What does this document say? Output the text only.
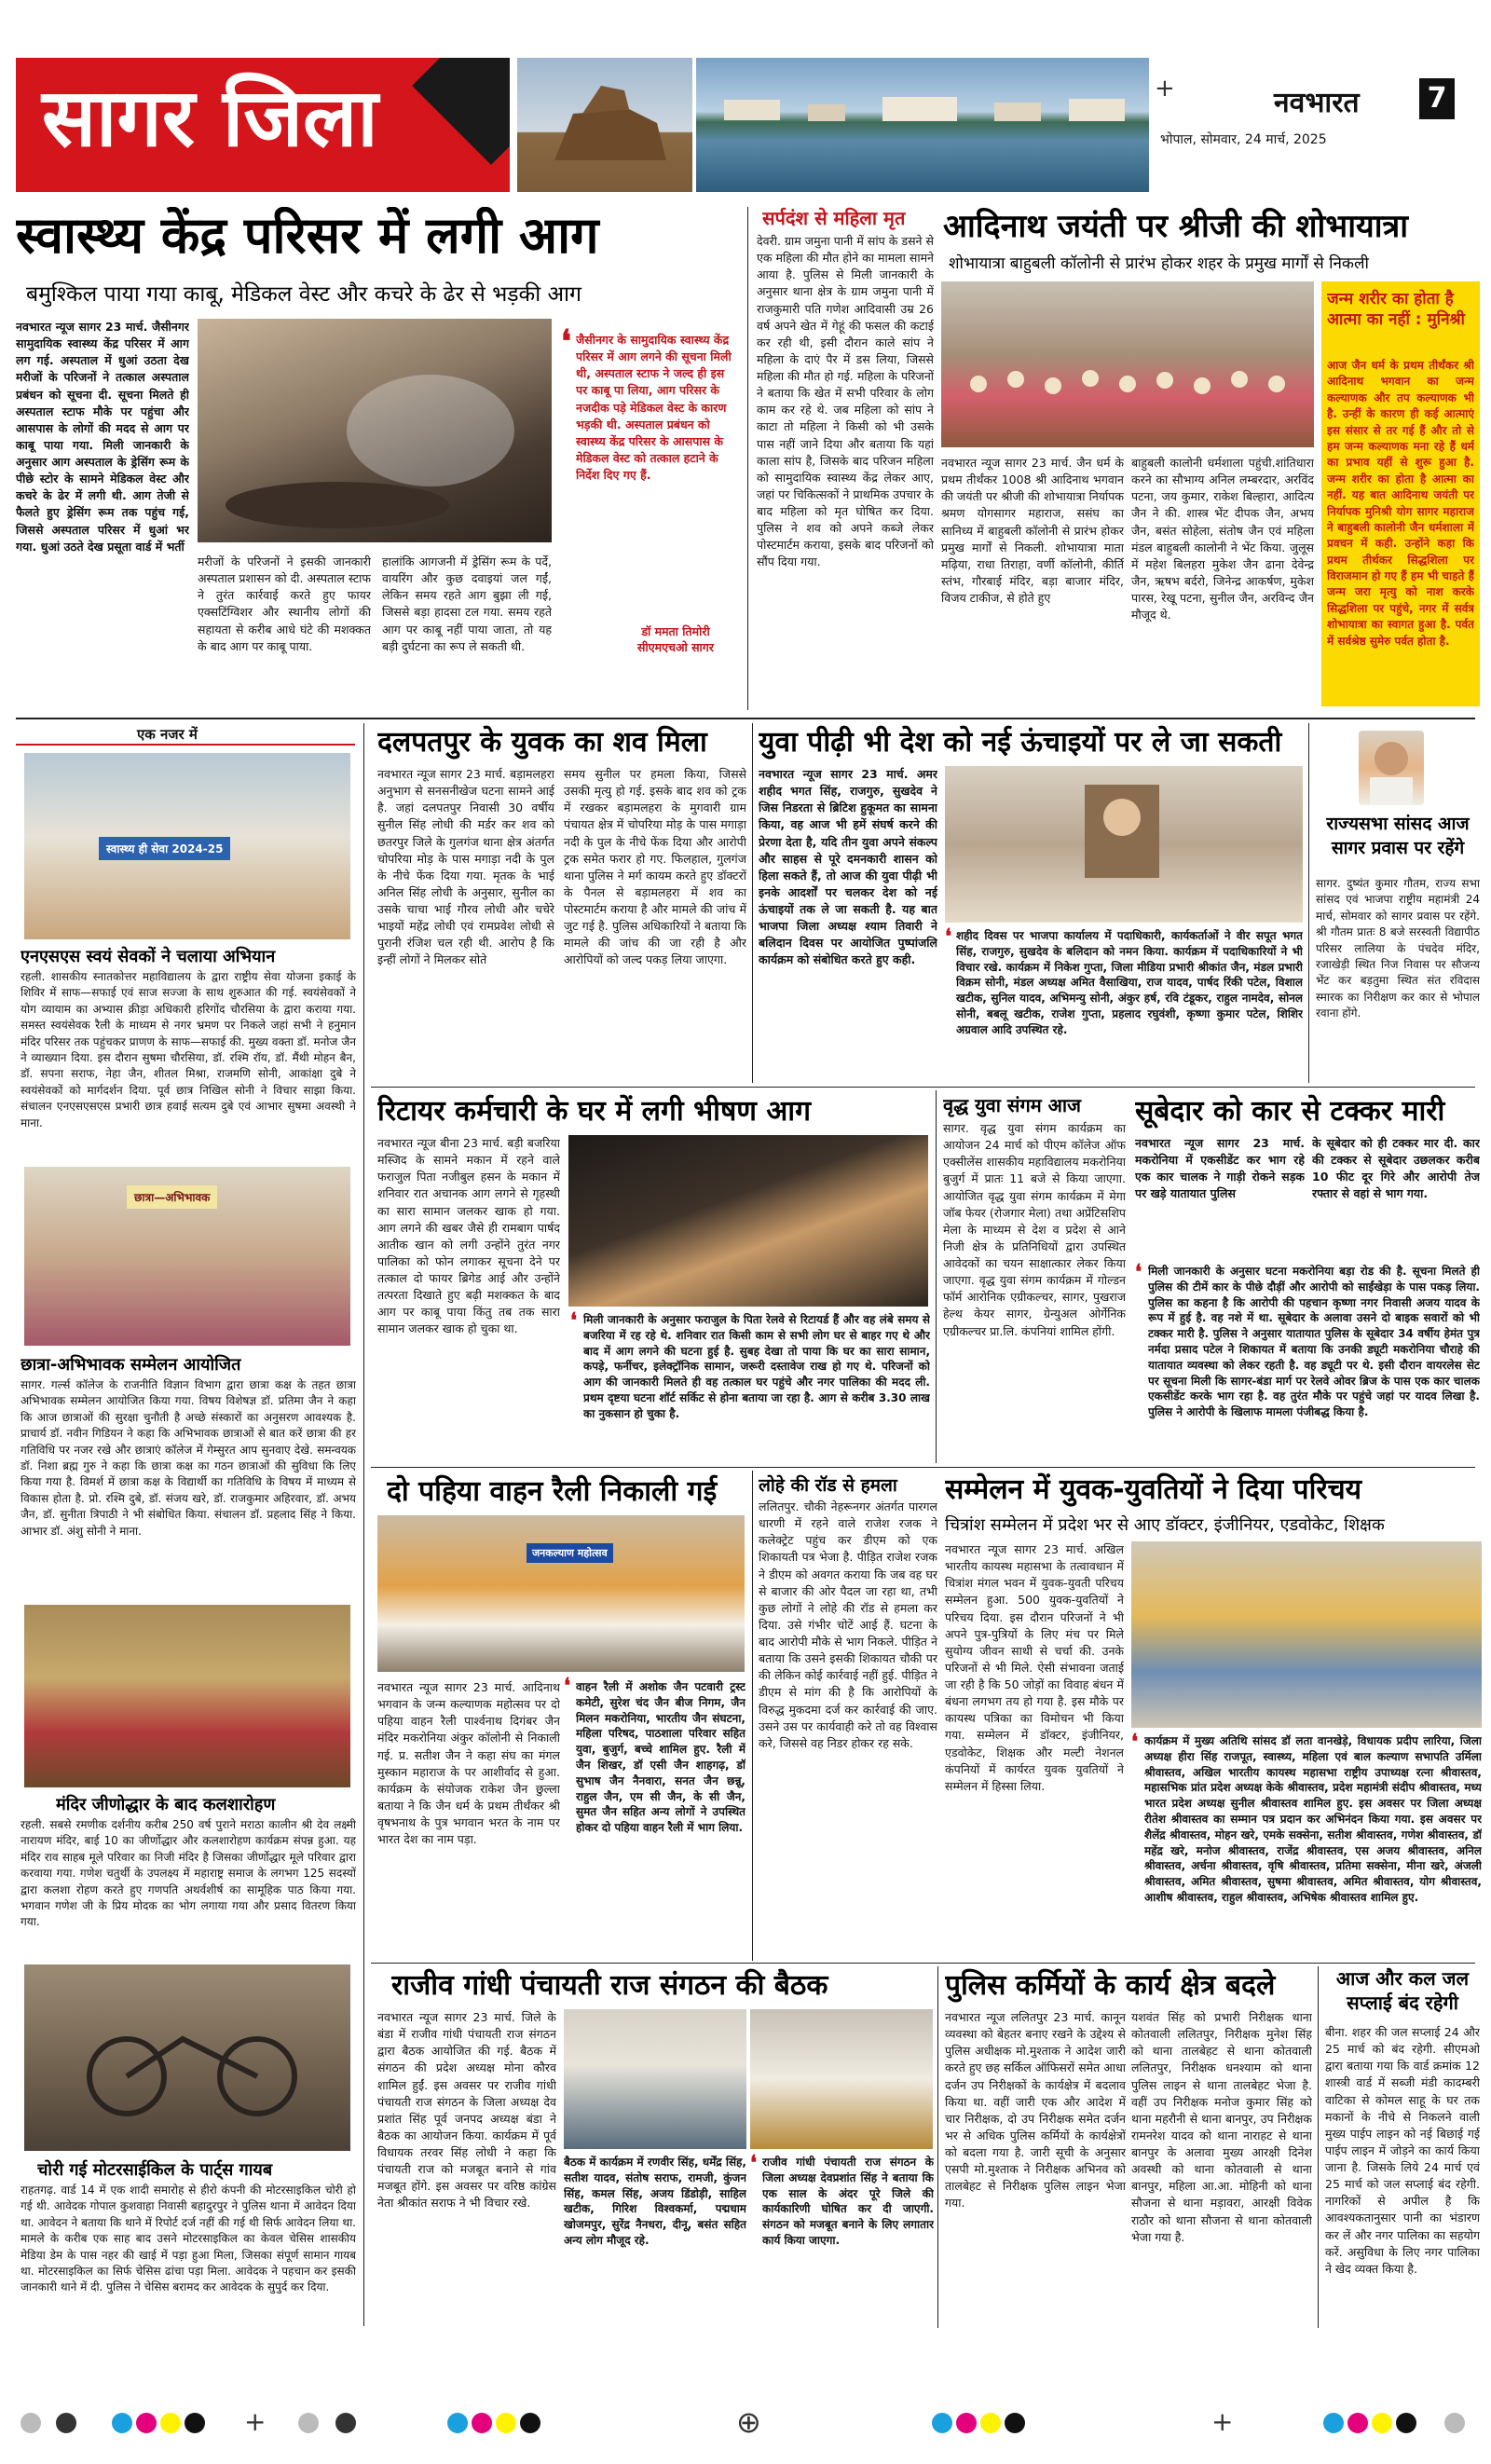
सागर जिला	+	नवभारत 7
भोपाल, सोमवार, 24 मार्च, 2025
स्वास्थ्य केंद्र परिसर में लगी आग
बमुश्किल पाया गया काबू, मेडिकल वेस्ट और कचरे के ढेर से भड़की आग
नवभारत न्यूज सागर 23 मार्च. जैसीनगर सामुदायिक स्वास्थ्य केंद्र परिसर में आग लग गई. अस्पताल में धुआं उठता देख मरीजों के परिजनों ने तत्काल अस्पताल प्रबंधन को सूचना दी. सूचना मिलते ही अस्पताल स्टाफ मौके पर पहुंचा और आसपास के लोगों की मदद से आग पर काबू पाया गया. मिली जानकारी के अनुसार आग अस्पताल के ड्रेसिंग रूम के पीछे स्टोर के सामने मेडिकल वेस्ट और कचरे के ढेर में लगी थी. आग तेजी से फैलते हुए ड्रेसिंग रूम तक पहुंच गई, जिससे अस्पताल परिसर में धुआं भर गया. धुआं उठते देख प्रसूता वार्ड में भर्ती
मरीजों के परिजनों ने इसकी जानकारी अस्पताल प्रशासन को दी. अस्पताल स्टाफ ने तुरंत कार्रवाई करते हुए फायर एक्सटिंग्विशर और स्थानीय लोगों की सहायता से करीब आधे घंटे की मशक्कत के बाद आग पर काबू पाया.
हालांकि आगजनी में ड्रेसिंग रूम के पर्दे, वायरिंग और कुछ दवाइयां जल गईं, लेकिन समय रहते आग बुझा ली गई, जिससे बड़ा हादसा टल गया. समय रहते आग पर काबू नहीं पाया जाता, तो यह बड़ी दुर्घटना का रूप ले सकती थी.
❛ जैसीनगर के सामुदायिक स्वास्थ्य केंद्र परिसर में आग लगने की सूचना मिली थी, अस्पताल स्टाफ ने जल्द ही इस पर काबू पा लिया, आग परिसर के नजदीक पड़े मेडिकल वेस्ट के कारण भड़की थी. अस्पताल प्रबंधन को स्वास्थ्य केंद्र परिसर के आसपास के मेडिकल वेस्ट को तत्काल हटाने के निर्देश दिए गए हैं.
डॉ ममता तिमोरी सीएमएचओ सागर
सर्पदंश से महिला मृत
देवरी. ग्राम जमुना पानी में सांप के डसने से एक महिला की मौत होने का मामला सामने आया है. पुलिस से मिली जानकारी के अनुसार थाना क्षेत्र के ग्राम जमुना पानी में राजकुमारी पति गणेश आदिवासी उम्र 26 वर्ष अपने खेत में गेहूं की फसल की कटाई कर रही थी, इसी दौरान काले सांप ने महिला के दाएं पैर में डस लिया, जिससे महिला की मौत हो गई. महिला के परिजनों ने बताया कि खेत में सभी परिवार के लोग काम कर रहे थे. जब महिला को सांप ने काटा तो महिला ने किसी को भी उसके पास नहीं जाने दिया और बताया कि यहां काला सांप है, जिसके बाद परिजन महिला को सामुदायिक स्वास्थ्य केंद्र लेकर आए, जहां पर चिकित्सकों ने प्राथमिक उपचार के बाद महिला को मृत घोषित कर दिया. पुलिस ने शव को अपने कब्जे लेकर पोस्टमार्टम कराया, इसके बाद परिजनों को सौंप दिया गया.
आदिनाथ जयंती पर श्रीजी की शोभायात्रा
शोभायात्रा बाहुबली कॉलोनी से प्रारंभ होकर शहर के प्रमुख मार्गों से निकली
नवभारत न्यूज सागर 23 मार्च. जैन धर्म के प्रथम तीर्थंकर 1008 श्री आदिनाथ भगवान की जयंती पर श्रीजी की शोभायात्रा निर्यापक श्रमण योगसागर महाराज, ससंघ का सानिध्य में बाहुबली कॉलोनी से प्रारंभ होकर प्रमुख मार्गों से निकली. शोभायात्रा माता मढ़िया, राधा तिराहा, वर्णी कॉलोनी, कीर्ति स्तंभ, गौरबाई मंदिर, बड़ा बाजार मंदिर, विजय टाकीज, से होते हुए
बाहुबली कालोनी धर्मशाला पहुंची.शांतिधारा करने का सौभाग्य अनिल लम्बरदार, अरविंद पटना, जय कुमार, राकेश बिल्हारा, आदित्य जैन ने की. शास्त्र भेंट दीपक जैन, अभय जैन, बसंत सोहेला, संतोष जैन एवं महिला मंडल बाहुबली कालोनी ने भेंट किया. जुलूस में महेश बिलहरा मुकेश जैन ढाना देवेन्द्र जैन, ऋषभ बर्दरो, जिनेन्द्र आकर्षण, मुकेश पारस, रेखू पटना, सुनील जैन, अरविन्द जैन मौजूद थे.
जन्म शरीर का होता है आत्मा का नहीं : मुनिश्री
आज जैन धर्म के प्रथम तीर्थंकर श्री आदिनाथ भगवान का जन्म कल्याणक और तप कल्याणक भी है. उन्हीं के कारण ही कई आत्माएं इस संसार से तर गई हैं और तो से हम जन्म कल्याणक मना रहे हैं धर्म का प्रभाव यहीं से शुरू हुआ है. जन्म शरीर का होता है आत्मा का नहीं. यह बात आदिनाथ जयंती पर निर्यापक मुनिश्री योग सागर महाराज ने बाहुबली कालोनी जैन धर्मशाला में प्रवचन में कही. उन्होंने कहा कि प्रथम तीर्थकर सिद्धशिला पर विराजमान हो गए हैं हम भी चाहते हैं जन्म जरा मृत्यु को नाश करके सिद्धशिला पर पहुंचे, नगर में सर्वत्र शोभायात्रा का स्वागत हुआ है. पर्वत में सर्वश्रेष्ठ सुमेरु पर्वत होता है.
एक नजर में
स्वास्थ्य ही सेवा 2024-25
एनएसएस स्वयं सेवकों ने चलाया अभियान
रहली. शासकीय स्नातकोत्तर महाविद्यालय के द्वारा राष्ट्रीय सेवा योजना इकाई के शिविर में साफ—सफाई एवं साज सज्जा के साथ शुरुआत की गई. स्वयंसेवकों ने योग व्यायाम का अभ्यास क्रीड़ा अधिकारी हरिगोंद चौरसिया के द्वारा कराया गया. समस्त स्वयंसेवक रैली के माध्यम से नगर भ्रमण पर निकले जहां सभी ने हनुमान मंदिर परिसर तक पहुंचकर प्राणण के साफ—सफाई की. मुख्य वक्ता डॉ. मनोज जैन ने व्याख्यान दिया. इस दौरान सुषमा चौरसिया, डॉ. रश्मि रॉय, डॉ. मैंथी मोहन बैन, डॉ. सपना सराफ, नेहा जैन, शीतल मिश्रा, राजमणि सोनी, आकांक्षा दुबे ने स्वयंसेवकों को मार्गदर्शन दिया. पूर्व छात्र निखिल सोनी ने विचार साझा किया. संचालन एनएसएसएस प्रभारी छात्र हवाई सत्यम दुबे एवं आभार सुषमा अवस्थी ने माना.
छात्रा—अभिभावक
छात्रा-अभिभावक सम्मेलन आयोजित
सागर. गर्ल्स कॉलेज के राजनीति विज्ञान विभाग द्वारा छात्रा कक्ष के तहत छात्रा अभिभावक सम्मेलन आयोजित किया गया. विषय विशेषज्ञ डॉ. प्रतिमा जैन ने कहा कि आज छात्राओं की सुरक्षा चुनौती है अच्छे संस्कारों का अनुसरण आवश्यक है. प्राचार्य डॉ. नवीन गिडियन ने कहा कि अभिभावक छात्राओं से बात करें छात्रा की हर गतिविधि पर नजर रखे और छात्राएं कॉलेज में गेम्सुरत आप सुनवाए देखे. समन्वयक डॉ. निशा ब्रह्म गुरु ने कहा कि छात्रा कक्ष का गठन छात्राओं की सुविधा कि लिए किया गया है. विमर्श में छात्रा कक्ष के विद्यार्थी का गतिविधि के विषय में माध्यम से विकास होता है. प्रो. रश्मि दुबे, डॉ. संजय खरे, डॉ. राजकुमार अहिरवार, डॉ. अभय जैन, डॉ. सुनीता त्रिपाठी ने भी संबोधित किया. संचालन डॉ. प्रहलाद सिंह ने किया. आभार डॉ. अंशु सोनी ने माना.
मंदिर जीणोद्धार के बाद कलशारोहण
रहली. सबसे रमणीक दर्शनीय करीब 250 वर्ष पुराने मराठा कालीन श्री देव लक्ष्मी नारायण मंदिर, बाई 10 का जीर्णोद्धार और कलशारोहण कार्यक्रम संपन्न हुआ. यह मंदिर राव साहब मूले परिवार का निजी मंदिर है जिसका जीर्णोद्धार मूले परिवार द्वारा करवाया गया. गणेश चतुर्थी के उपलक्ष्य में महाराष्ट्र समाज के लगभग 125 सदस्यों द्वारा कलशा रोहण करते हुए गणपति अथर्वशीर्ष का सामूहिक पाठ किया गया. भगवान गणेश जी के प्रिय मोदक का भोग लगाया गया और प्रसाद वितरण किया गया.
चोरी गई मोटरसाईकिल के पार्ट्स गायब
राहतगढ़. वार्ड 14 में एक शादी समारोह से हीरो कंपनी की मोटरसाइकिल चोरी हो गई थी. आवेदक गोपाल कुशवाहा निवासी बहादुरपुर ने पुलिस थाना में आवेदन दिया था. आवेदन ने बताया कि थाने में रिपोर्ट दर्ज नहीं की गई थी सिर्फ आवेदन लिया था. मामले के करीब एक साह बाद उसने मोटरसाइकिल का केवल चेसिस शासकीय मेडिया डेम के पास नहर की खाई में पड़ा हुआ मिला, जिसका संपूर्ण सामान गायब था. मोटरसाइकिल का सिर्फ चेसिस ढांचा पड़ा मिला. आवेदक ने पहचान कर इसकी जानकारी थाने में दी. पुलिस ने चेसिस बरामद कर आवेदक के सुपुर्द कर दिया.
दलपतपुर के युवक का शव मिला
नवभारत न्यूज सागर 23 मार्च. बड़ामलहरा अनुभाग से सनसनीखेज घटना सामने आई है. जहां दलपतपुर निवासी 30 वर्षीय सुनील सिंह लोधी की मर्डर कर शव को छतरपुर जिले के गुलगंज थाना क्षेत्र अंतर्गत चोपरिया मोड़ के पास मगाड़ा नदी के पुल के नीचे फेंक दिया गया. मृतक के भाई अनिल सिंह लोधी के अनुसार, सुनील का उसके चाचा भाई गौरव लोधी और चचेरे भाइयों महेंद्र लोधी एवं रामप्रवेश लोधी से पुरानी रंजिश चल रही थी. आरोप है कि इन्हीं लोगों ने मिलकर सोते
समय सुनील पर हमला किया, जिससे उसकी मृत्यु हो गई. इसके बाद शव को ट्रक में रखकर बड़ामलहरा के मुगवारी ग्राम पंचायत क्षेत्र में चोपरिया मोड़ के पास मगाड़ा नदी के पुल के नीचे फेंक दिया और आरोपी ट्रक समेत फरार हो गए. फिलहाल, गुलगंज थाना पुलिस ने मर्ग कायम करते हुए डॉक्टरों के पैनल से बड़ामलहरा में शव का पोस्टमार्टम कराया है और मामले की जांच में जुट गई है. पुलिस अधिकारियों ने बताया कि मामले की जांच की जा रही है और आरोपियों को जल्द पकड़ लिया जाएगा.
युवा पीढ़ी भी देश को नई ऊंचाइयों पर ले जा सकती
नवभारत न्यूज सागर 23 मार्च. अमर शहीद भगत सिंह, राजगुरु, सुखदेव ने जिस निडरता से ब्रिटिश हुकूमत का सामना किया, वह आज भी हमें संघर्ष करने की प्रेरणा देता है, यदि तीन युवा अपने संकल्प और साहस से पूरे दमनकारी शासन को हिला सकते हैं, तो आज की युवा पीढ़ी भी इनके आदर्शों पर चलकर देश को नई ऊंचाइयों तक ले जा सकती है. यह बात भाजपा जिला अध्यक्ष श्याम तिवारी ने बलिदान दिवस पर आयोजित पुष्पांजलि कार्यक्रम को संबोधित करते हुए कही.
❛ शहीद दिवस पर भाजपा कार्यालय में पदाधिकारी, कार्यकर्ताओं ने वीर सपूत भगत सिंह, राजगुरु, सुखदेव के बलिदान को नमन किया. कार्यक्रम में पदाधिकारियों ने भी विचार रखे. कार्यक्रम में निकेश गुप्ता, जिला मीडिया प्रभारी श्रीकांत जैन, मंडल प्रभारी विक्रम सोनी, मंडल अध्यक्ष अमित वैसाखिया, राज यादव, पार्षद रिंकी पटेल, विशाल खटीक, सुनिल यादव, अभिमन्यु सोनी, अंकुर हर्ष, रवि टंडूकर, राहुल नामदेव, सोनल सोनी, बबलू खटीक, राजेश गुप्ता, प्रहलाद रघुवंशी, कृष्णा कुमार पटेल, शिशिर अग्रवाल आदि उपस्थित रहे.
राज्यसभा सांसद आज सागर प्रवास पर रहेंगे
सागर. दुष्यंत कुमार गौतम, राज्य सभा सांसद एवं भाजपा राष्ट्रीय महामंत्री 24 मार्च, सोमवार को सागर प्रवास पर रहेंगे. श्री गौतम प्रातः 8 बजे सरस्वती विद्यापीठ परिसर लालिया के पंचदेव मंदिर, रजाखेड़ी स्थित निज निवास पर सौजन्य भेंट कर बड़तुमा स्थित संत रविदास स्मारक का निरीक्षण कर कार से भोपाल रवाना होंगे.
रिटायर कर्मचारी के घर में लगी भीषण आग
नवभारत न्यूज बीना 23 मार्च. बड़ी बजरिया मस्जिद के सामने मकान में रहने वाले फराजुल पिता नजीबुल हसन के मकान में शनिवार रात अचानक आग लगने से गृहस्थी का सारा सामान जलकर खाक हो गया. आग लगने की खबर जैसे ही रामबाग पार्षद आतीक खान को लगी उन्होंने तुरंत नगर पालिका को फोन लगाकर सूचना देने पर तत्काल दो फायर ब्रिगेड आई और उन्होंने तत्परता दिखाते हुए बढ़ी मशक्कत के बाद आग पर काबू पाया किंतु तब तक सारा सामान जलकर खाक हो चुका था.	❛ मिली जानकारी के अनुसार फराजुल के पिता रेलवे से रिटायर्ड हैं और वह लंबे समय से बजरिया में रह रहे थे. शनिवार रात किसी काम से सभी लोग घर से बाहर गए थे और बाद में आग लगने की घटना हुई है. सुबह देखा तो पाया कि घर का सारा सामान, कपड़े, फर्नीचर, इलेक्ट्रॉनिक सामान, जरूरी दस्तावेज राख हो गए थे. परिजनों को आग की जानकारी मिलते ही वह तत्काल घर पहुंचे और नगर पालिका की मदद ली. प्रथम दृष्टया घटना शॉर्ट सर्किट से होना बताया जा रहा है. आग से करीब 3.30 लाख का नुकसान हो चुका है.
वृद्ध युवा संगम आज
सागर. वृद्ध युवा संगम कार्यक्रम का आयोजन 24 मार्च को पीएम कॉलेज ऑफ एक्सीलेंस शासकीय महाविद्यालय मकरोनिया बुजुर्ग में प्रातः 11 बजे से किया जाएगा. आयोजित वृद्ध युवा संगम कार्यक्रम में मेगा जॉब फेयर (रोजगार मेला) तथा अप्रेंटिसशिप मेला के माध्यम से देश व प्रदेश से आने निजी क्षेत्र के प्रतिनिधियों द्वारा उपस्थित आवेदकों का चयन साक्षात्कार लेकर किया जाएगा. वृद्ध युवा संगम कार्यक्रम में गोल्डन फॉर्म आरोनिक एग्रीकल्चर, सागर, पुखराज हेल्थ केयर सागर, ग्रेन्युअल ओर्गेनिक एग्रीकल्चर प्रा.लि. कंपनियां शामिल होंगी.
सूबेदार को कार से टक्कर मारी
नवभारत न्यूज सागर 23 मार्च. मकरोनिया में एकसीडेंट कर भाग रहे एक कार चालक ने गाड़ी रोकने सड़क पर खड़े यातायात पुलिस
के सूबेदार को ही टक्कर मार दी. कार की टक्कर से सूबेदार उछलकर करीब 10 फीट दूर गिरे और आरोपी तेज रफ्तार से वहां से भाग गया.
❛ मिली जानकारी के अनुसार घटना मकरोनिया बड़ा रोड की है. सूचना मिलते ही पुलिस की टीमें कार के पीछे दौड़ीं और आरोपी को साईंखेड़ा के पास पकड़ लिया. पुलिस का कहना है कि आरोपी की पहचान कृष्णा नगर निवासी अजय यादव के रूप में हुई है. वह नशे में था. सूबेदार के अलावा उसने दो बाइक सवारों को भी टक्कर मारी है. पुलिस ने अनुसार यातायात पुलिस के सूबेदार 34 वर्षीय हेमंत पुत्र नर्मदा प्रसाद पटेल ने शिकायत में बताया कि उनकी ड्यूटी मकरोनिया चौराहे की यातायात व्यवस्था को लेकर रहती है. वह ड्यूटी पर थे. इसी दौरान वायरलेस सेट पर सूचना मिली कि सागर-बंडा मार्ग पर रेलवे ओवर ब्रिज के पास एक कार चालक एकसीडेंट करके भाग रहा है. वह तुरंत मौके पर पहुंचे जहां पर यादव लिखा है. पुलिस ने आरोपी के खिलाफ मामला पंजीबद्ध किया है.
दो पहिया वाहन रैली निकाली गई
जनकल्याण महोत्सव
नवभारत न्यूज सागर 23 मार्च. आदिनाथ भगवान के जन्म कल्याणक महोत्सव पर दो पहिया वाहन रैली पार्श्वनाथ दिगंबर जैन मंदिर मकरोनिया अंकुर कॉलोनी से निकाली गई. प्र. सतीश जैन ने कहा संघ का मंगल मुस्कान महाराज के पर आशीर्वाद से हुआ. कार्यक्रम के संयोजक राकेश जैन छुल्ला बताया ने कि जैन धर्म के प्रथम तीर्थंकर श्री वृषभनाथ के पुत्र भगवान भरत के नाम पर भारत देश का नाम पड़ा.
❛ वाहन रैली में अशोक जैन पटवारी ट्रस्ट कमेटी, सुरेश चंद जैन बीज निगम, जैन मिलन मकरोनिया, भारतीय जैन संघटना, महिला परिषद, पाठशाला परिवार सहित युवा, बुजुर्ग, बच्चे शामिल हुए. रैली में जैन शिखर, डॉ एसी जैन शाहगढ़, डॉ सुभाष जैन नैनवारा, सनत जैन छन्नू, राहुल जैन, एम सी जैन, के सी जैन, सुमत जैन सहित अन्य लोगों ने उपस्थित होकर दो पहिया वाहन रैली में भाग लिया.
लोहे की रॉड से हमला
ललितपुर. चौकी नेहरूनगर अंतर्गत पारगल धारणी में रहने वाले राजेश रजक ने कलेक्ट्रेट पहुंच कर डीएम को एक शिकायती पत्र भेजा है. पीड़ित राजेश रजक ने डीएम को अवगत कराया कि जब वह घर से बाजार की ओर पैदल जा रहा था, तभी कुछ लोगों ने लोहे की रॉड से हमला कर दिया. उसे गंभीर चोटें आई हैं. घटना के बाद आरोपी मौके से भाग निकले. पीड़ित ने बताया कि उसने इसकी शिकायत चौकी पर की लेकिन कोई कार्रवाई नहीं हुई. पीड़ित ने डीएम से मांग की है कि आरोपियों के विरुद्ध मुकदमा दर्ज कर कार्रवाई की जाए. उसने उस पर कार्यवाही करे तो वह विश्वास करे, जिससे वह निडर होकर रह सके.
सम्मेलन में युवक-युवतियों ने दिया परिचय
चित्रांश सम्मेलन में प्रदेश भर से आए डॉक्टर, इंजीनियर, एडवोकेट, शिक्षक
नवभारत न्यूज सागर 23 मार्च. अखिल भारतीय कायस्थ महासभा के तत्वावधान में चित्रांश मंगल भवन में युवक-युवती परिचय सम्मेलन हुआ. 500 युवक-युवतियों ने परिचय दिया. इस दौरान परिजनों ने भी अपने पुत्र-पुत्रियों के लिए मंच पर मिले सुयोग्य जीवन साथी से चर्चा की. उनके परिजनों से भी मिले. ऐसी संभावना जताई जा रही है कि 50 जोड़ों का विवाह बंधन में बंधना लगभग तय हो गया है. इस मौके पर कायस्थ पत्रिका का विमोचन भी किया गया. सम्मेलन में डॉक्टर, इंजीनियर, एडवोकेट, शिक्षक और मल्टी नेशनल कंपनियों में कार्यरत युवक युवतियों ने सम्मेलन में हिस्सा लिया.
❛ कार्यक्रम में मुख्य अतिथि सांसद डॉ लता वानखेड़े, विधायक प्रदीप लारिया, जिला अध्यक्ष हीरा सिंह राजपूत, स्वास्थ्य, महिला एवं बाल कल्याण सभापति उर्मिला श्रीवास्तव, अखिल भारतीय कायस्थ महासभा राष्ट्रीय उपाध्यक्ष रत्ना श्रीवास्तव, महासभिक प्रांत प्रदेश अध्यक्ष केके श्रीवास्तव, प्रदेश महामंत्री संदीप श्रीवास्तव, मध्य भारत प्रदेश अध्यक्ष सुनील श्रीवास्तव शामिल हुए. इस अवसर पर जिला अध्यक्ष रीतेश श्रीवास्तव का सम्मान पत्र प्रदान कर अभिनंदन किया गया. इस अवसर पर शैलेंद्र श्रीवास्तव, मोहन खरे, एमके सक्सेना, सतीश श्रीवास्तव, गणेश श्रीवास्तव, डॉ महेंद्र खरे, मनोज श्रीवास्तव, राजेंद्र श्रीवास्तव, एस अजय श्रीवास्तव, अनिल श्रीवास्तव, अर्चना श्रीवास्तव, वृषि श्रीवास्तव, प्रतिमा सक्सेना, मीना खरे, अंजली श्रीवास्तव, अमित श्रीवास्तव, सुषमा श्रीवास्तव, अमित श्रीवास्तव, योग श्रीवास्तव, आशीष श्रीवास्तव, राहुल श्रीवास्तव, अभिषेक श्रीवास्तव शामिल हुए.
राजीव गांधी पंचायती राज संगठन की बैठक
नवभारत न्यूज सागर 23 मार्च. जिले के बंडा में राजीव गांधी पंचायती राज संगठन द्वारा बैठक आयोजित की गई. बैठक में संगठन की प्रदेश अध्यक्ष मोना कौरव शामिल हुईं. इस अवसर पर राजीव गांधी पंचायती राज संगठन के जिला अध्यक्ष देव प्रशांत सिंह पूर्व जनपद अध्यक्ष बंडा ने बैठक का आयोजन किया. कार्यक्रम में पूर्व विधायक तरवर सिंह लोधी ने कहा कि पंचायती राज को मजबूत बनाने से गांव मजबूत होंगे. इस अवसर पर वरिष्ठ कांग्रेस नेता श्रीकांत सराफ ने भी विचार रखे.
बैठक में कार्यक्रम में रणवीर सिंह, धर्मेंद्र सिंह, सतीश यादव, संतोष सराफ, रामजी, कुंजन सिंह, कमल सिंह, अजय डिंडोड़ी, साहिल खटीक, गिरिश विश्वकर्मा, पद्मधाम खोजमपुर, सुरेंद्र नैनधरा, दीनू, बसंत सहित अन्य लोग मौजूद रहे.
❛ राजीव गांधी पंचायती राज संगठन के जिला अध्यक्ष देवप्रशांत सिंह ने बताया कि एक साल के अंदर पूरे जिले की कार्यकारिणी घोषित कर दी जाएगी. संगठन को मजबूत बनाने के लिए लगातार कार्य किया जाएगा.
पुलिस कर्मियों के कार्य क्षेत्र बदले
नवभारत न्यूज ललितपुर 23 मार्च. कानून व्यवस्था को बेहतर बनाए रखने के उद्देश्य से पुलिस अधीक्षक मो.मुश्ताक ने आदेश जारी करते हुए छह सर्किल ऑफिसरों समेत आधा दर्जन उप निरीक्षकों के कार्यक्षेत्र में बदलाव किया था. वहीं जारी एक और आदेश में चार निरीक्षक, दो उप निरीक्षक समेत दर्जन भर से अधिक पुलिस कर्मियों के कार्यक्षेत्रों को बदला गया है. जारी सूची के अनुसार एसपी मो.मुश्ताक ने निरीक्षक अभिनव को तालबेहट से निरीक्षक पुलिस लाइन भेजा गया.
यशवंत सिंह को प्रभारी निरीक्षक थाना कोतवाली ललितपुर, निरीक्षक मुनेश सिंह को थाना तालबेहट से थाना कोतवाली ललितपुर, निरीक्षक धनश्याम को थाना पुलिस लाइन से थाना तालबेहट भेजा है. वहीं उप निरीक्षक मनोज कुमार सिंह को थाना महरौनी से थाना बानपुर, उप निरीक्षक रामनरेश यादव को थाना नाराहट से थाना बानपुर के अलावा मुख्य आरक्षी दिनेश अवस्थी को थाना कोतवाली से थाना बानपुर, महिला आ.आ. मोहिनी को थाना सौजना से थाना मड़ावरा, आरक्षी विवेक राठौर को थाना सौजना से थाना कोतवाली भेजा गया है.
आज और कल जल सप्लाई बंद रहेगी
बीना. शहर की जल सप्लाई 24 और 25 मार्च को बंद रहेगी. सीएमओ द्वारा बताया गया कि वार्ड क्रमांक 12 शास्त्री वार्ड में सब्जी मंडी कादम्बरी वाटिका से कोमल साहू के घर तक मकानों के नीचे से निकलने वाली मुख्य पाईप लाइन को नई बिछाई गई पाईप लाइन में जोड़ने का कार्य किया जाना है. जिसके लिये 24 मार्च एवं 25 मार्च को जल सप्लाई बंद रहेगी. नागरिकों से अपील है कि आवश्यकतानुसार पानी का भंडारण कर लें और नगर पालिका का सहयोग करें. असुविधा के लिए नगर पालिका ने खेद व्यक्त किया है.
+	⊕	+
